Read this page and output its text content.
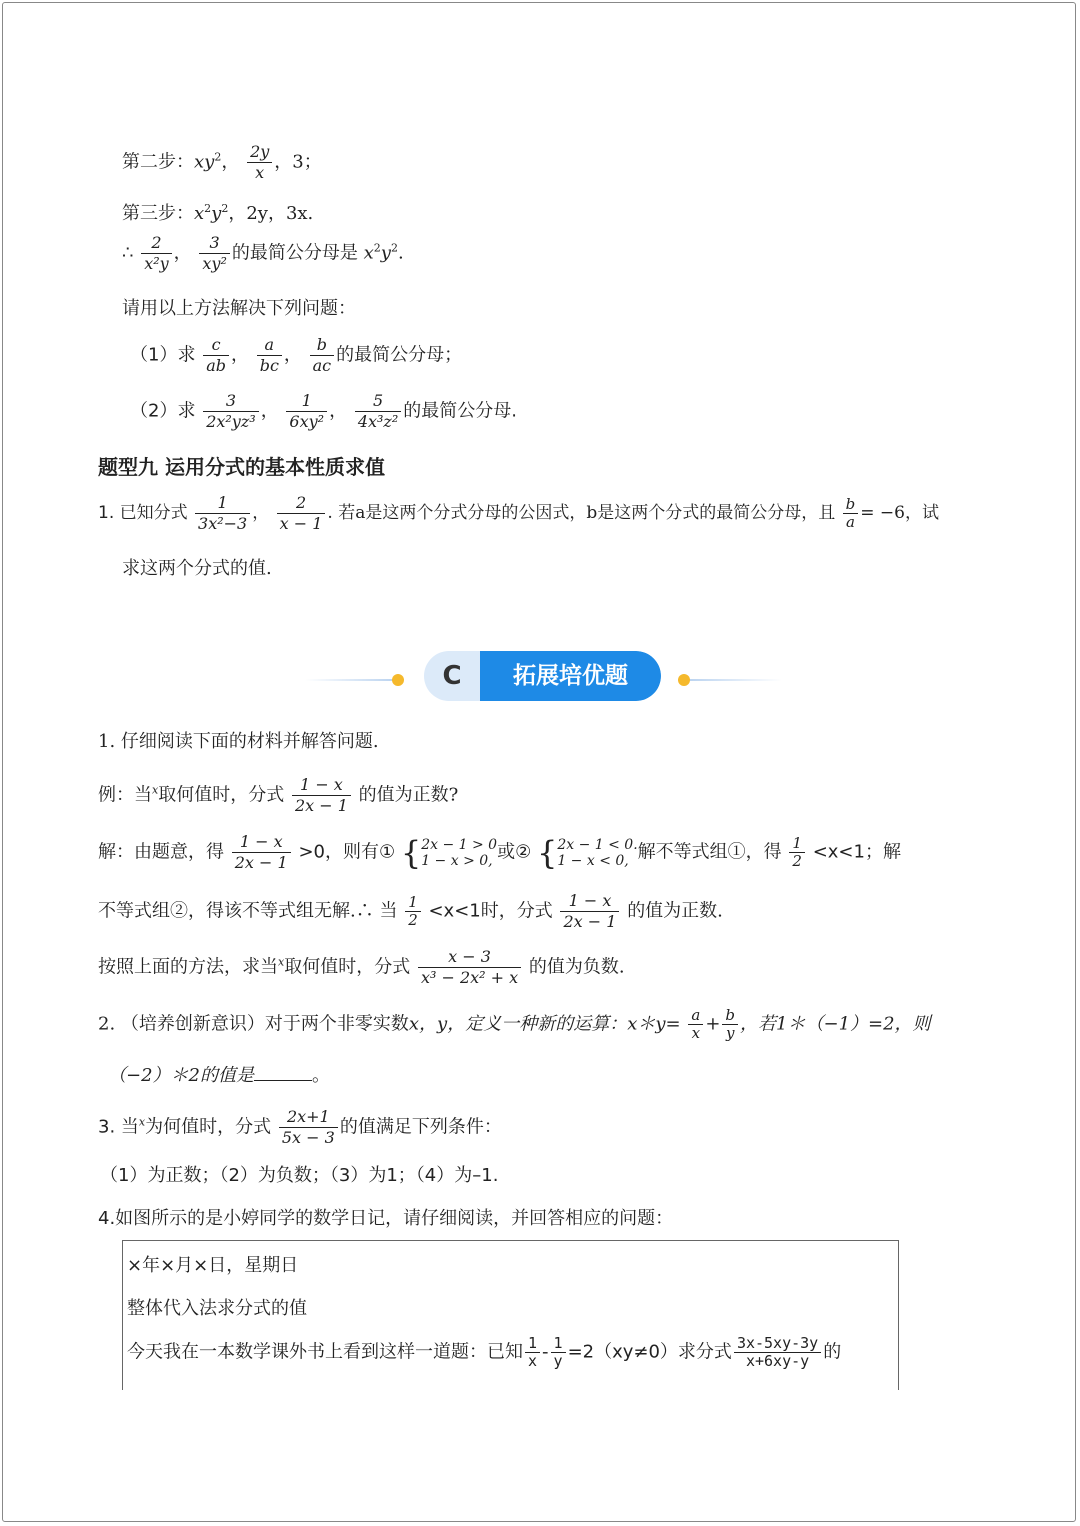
第二步：$xy^2$， $\frac{2y}{x}$ ，3；
第三步：$x^2y^2$，2y，3x.
∴ $\frac{2}{\text{x²y}}$ ， $\frac{3}{\text{xy²}}$ 的最简公分母是 $x^2y^2$.
请用以上方法解决下列问题：
（1）求 $\frac{c}{ab}$ ， $\frac{a}{bc}$ ， $\frac{b}{ac}$ 的最简公分母；
（2）求 $\frac{3}{\text{2x²yz³}}$ ， $\frac{1}{\text{6xy²}}$ ， $\frac{5}{\text{4x³z²}}$ 的最简公分母.
题型九 运用分式的基本性质求值
1. 已知分式 $\frac{1}{\text{3x²−3}}$ ， $\frac{2}{x - 1}$ . 若a是这两个分式分母的公因式，b是这两个分式的最简公分母，且 $\frac{b}{a} = -6$，试
求这两个分式的值.
C	拓展培优题
1. 仔细阅读下面的材料并解答问题.
例：当$^x$取何值时，分式 $\frac{1 - x}{2x - 1}$ 的值为正数?
解：由题意，得 $\frac{1 - x}{2x - 1} >0$，则有① { 2x − 1 > 0
1 − x > 0, 或② { 2x − 1 < 0.
1 − x < 0, 解不等式组①，得 $\frac{1}{2} <x<1$；解
不等式组②，得该不等式组无解.∴ 当 $\frac{1}{2} <x<1$时，分式 $\frac{1 - x}{2x - 1}$ 的值为正数.
按照上面的方法，求当$^x$取何值时，分式 $\frac{x - 3}{\text{x³ − 2x² + x}}$ 的值为负数.
2. （培养创新意识）对于两个非零实数x，y，定义一种新的运算：x＊y= $\frac{a}{x} + \frac{b}{y}$ ，若1＊（−1）=2，则
（−2）＊2的值是	。
3. 当$^x$为何值时，分式 $\frac{2x+1}{5x - 3}$ 的值满足下列条件：
（1）为正数；（2）为负数；（3）为1；（4）为–1.
4.如图所示的是小婷同学的数学日记，请仔细阅读，并回答相应的问题：
×年×月×日，星期日
整体代入法求分式的值
今天我在一本数学课外书上看到这样一道题：已知 $\frac{1}{x} - \frac{1}{y} =2(xy\ne 0)$求分式 $\frac{3x-5xy-3y}{x+6xy-y}$ 的
